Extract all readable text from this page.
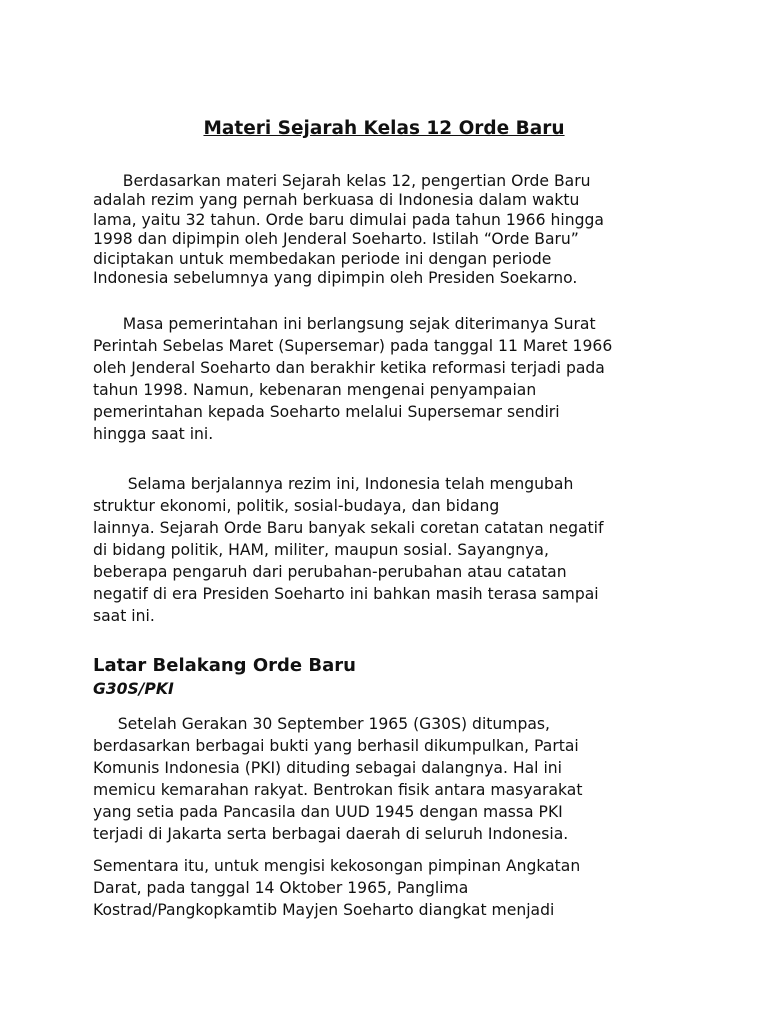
Materi Sejarah Kelas 12 Orde Baru

Berdasarkan materi Sejarah kelas 12, pengertian Orde Baru
adalah rezim yang pernah berkuasa di Indonesia dalam waktu
lama, yaitu 32 tahun. Orde baru dimulai pada tahun 1966 hingga
1998 dan dipimpin oleh Jenderal Soeharto. Istilah “Orde Baru”
diciptakan untuk membedakan periode ini dengan periode
Indonesia sebelumnya yang dipimpin oleh Presiden Soekarno.

Masa pemerintahan ini berlangsung sejak diterimanya Surat
Perintah Sebelas Maret (Supersemar) pada tanggal 11 Maret 1966
oleh Jenderal Soeharto dan berakhir ketika reformasi terjadi pada
tahun 1998. Namun, kebenaran mengenai penyampaian
pemerintahan kepada Soeharto melalui Supersemar sendiri
hingga saat ini.

Selama berjalannya rezim ini, Indonesia telah mengubah
struktur ekonomi, politik, sosial-budaya, dan bidang
lainnya. Sejarah Orde Baru banyak sekali coretan catatan negatif
di bidang politik, HAM, militer, maupun sosial. Sayangnya,
beberapa pengaruh dari perubahan-perubahan atau catatan
negatif di era Presiden Soeharto ini bahkan masih terasa sampai
saat ini.

Latar Belakang Orde Baru
G30S/PKI

Setelah Gerakan 30 September 1965 (G30S) ditumpas,
berdasarkan berbagai bukti yang berhasil dikumpulkan, Partai
Komunis Indonesia (PKI) dituding sebagai dalangnya. Hal ini
memicu kemarahan rakyat. Bentrokan fisik antara masyarakat
yang setia pada Pancasila dan UUD 1945 dengan massa PKI
terjadi di Jakarta serta berbagai daerah di seluruh Indonesia.

Sementara itu, untuk mengisi kekosongan pimpinan Angkatan
Darat, pada tanggal 14 Oktober 1965, Panglima
Kostrad/Pangkopkamtib Mayjen Soeharto diangkat menjadi
